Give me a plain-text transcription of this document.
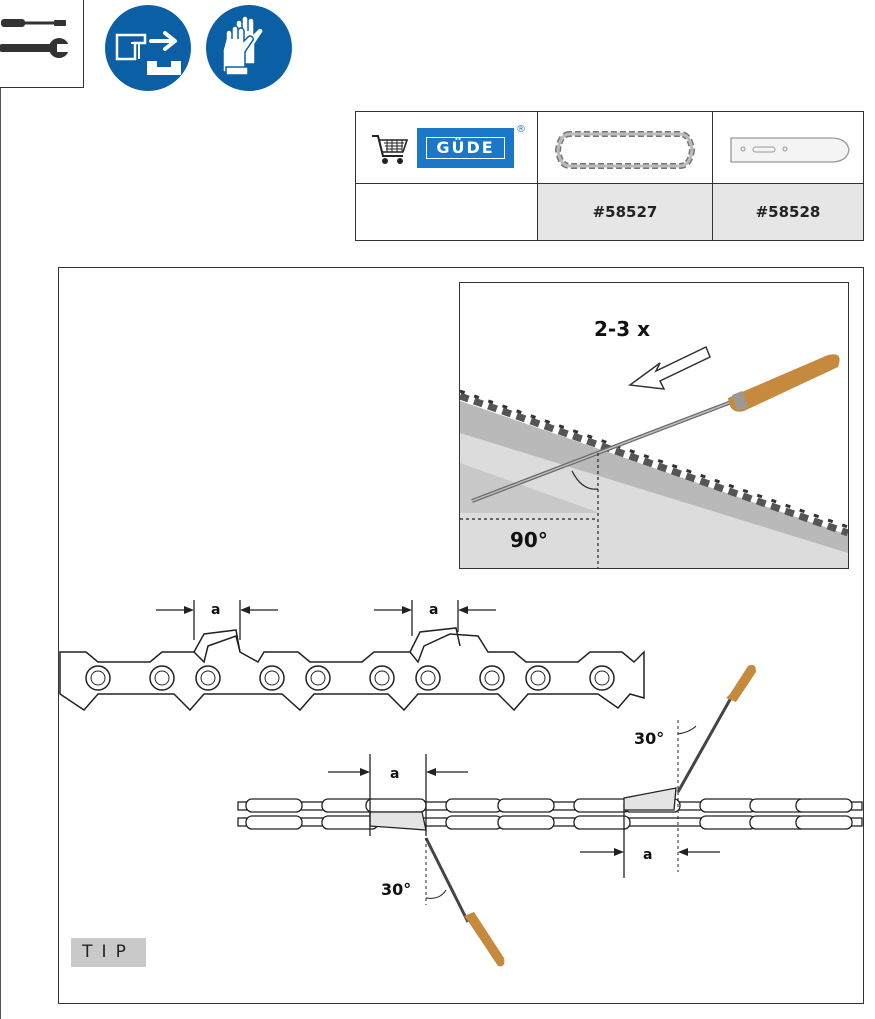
GÜDE
®
#58527	#58528
2-3 x
90°
a	a
a
a
30°
30°
TIP
